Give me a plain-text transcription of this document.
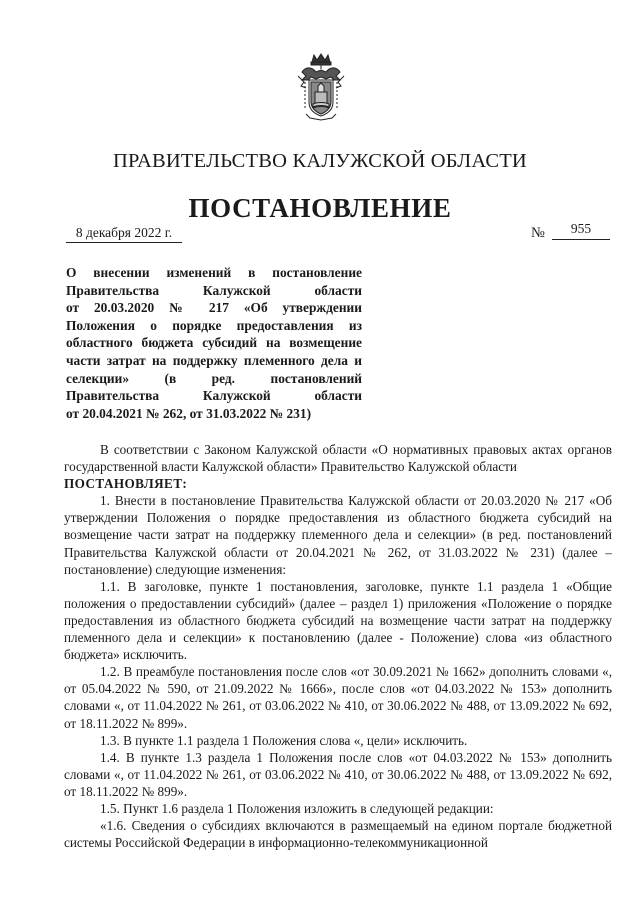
ПРАВИТЕЛЬСТВО КАЛУЖСКОЙ ОБЛАСТИ
ПОСТАНОВЛЕНИЕ
8 декабря 2022 г.	№	955
О внесении изменений в постановление
Правительства Калужской области
от 20.03.2020 № 217 «Об утверждении
Положения о порядке предоставления из
областного бюджета субсидий на возмещение
части затрат на поддержку племенного дела и
селекции» (в ред. постановлений
Правительства Калужской области
от 20.04.2021 № 262, от 31.03.2022 № 231)

В соответствии с Законом Калужской области «О нормативных правовых актах органов государственной власти Калужской области» Правительство Калужской области

ПОСТАНОВЛЯЕТ:

1. Внести в постановление Правительства Калужской области от 20.03.2020 № 217 «Об утверждении Положения о порядке предоставления из областного бюджета субсидий на возмещение части затрат на поддержку племенного дела и селекции» (в ред. постановлений Правительства Калужской области от 20.04.2021 № 262, от 31.03.2022 № 231) (далее – постановление) следующие изменения:

1.1. В заголовке, пункте 1 постановления, заголовке, пункте 1.1 раздела 1 «Общие положения о предоставлении субсидий» (далее – раздел 1) приложения «Положение о порядке предоставления из областного бюджета субсидий на возмещение части затрат на поддержку племенного дела и селекции» к постановлению (далее - Положение) слова «из областного бюджета» исключить.

1.2. В преамбуле постановления после слов «от 30.09.2021 № 1662» дополнить словами «, от 05.04.2022 № 590, от 21.09.2022 № 1666», после слов «от 04.03.2022 № 153» дополнить словами «, от 11.04.2022 № 261, от 03.06.2022 № 410, от 30.06.2022 № 488, от 13.09.2022 № 692, от 18.11.2022 № 899».

1.3. В пункте 1.1 раздела 1 Положения слова «, цели» исключить.

1.4. В пункте 1.3 раздела 1 Положения после слов «от 04.03.2022 № 153» дополнить словами «, от 11.04.2022 № 261, от 03.06.2022 № 410, от 30.06.2022 № 488, от 13.09.2022 № 692, от 18.11.2022 № 899».

1.5. Пункт 1.6 раздела 1 Положения изложить в следующей редакции:

«1.6. Сведения о субсидиях включаются в размещаемый на едином портале бюджетной системы Российской Федерации в информационно-телекоммуникационной
